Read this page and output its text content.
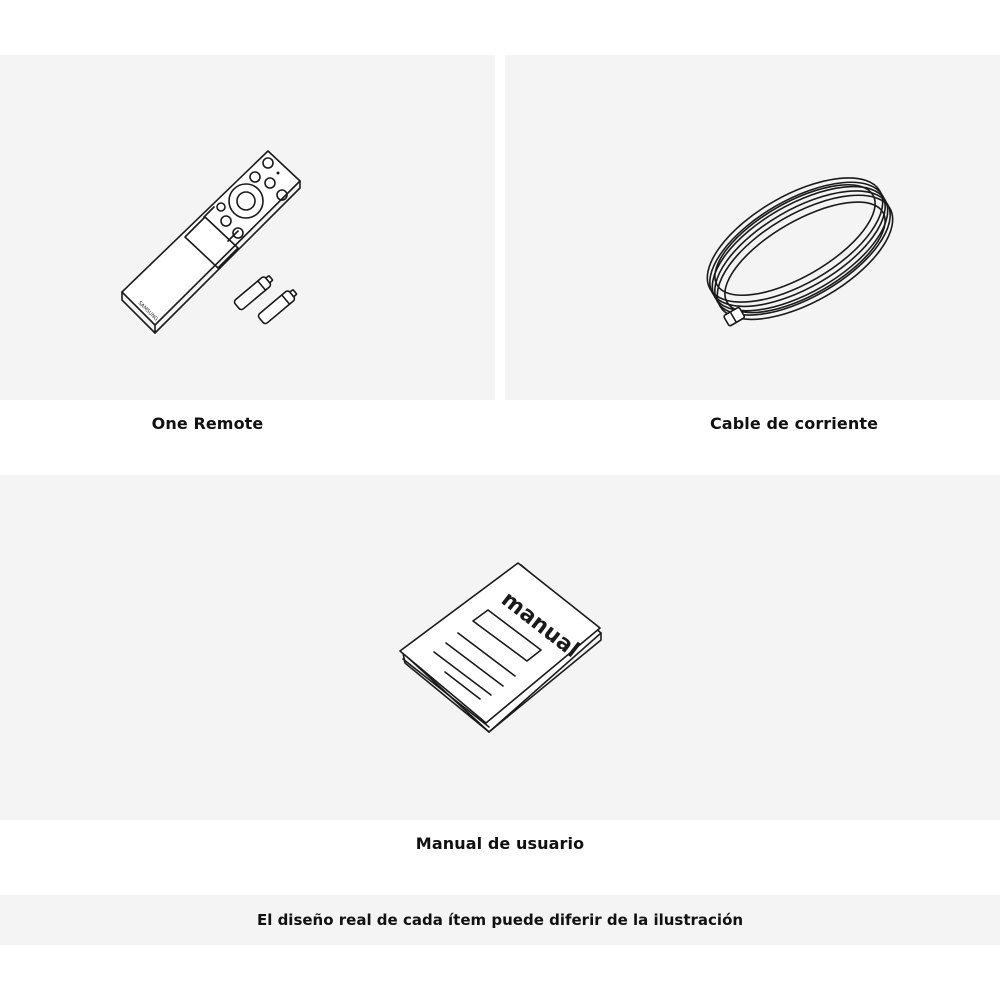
SAMSUNG
One Remote	Cable de corriente
manual
Manual de usuario
El diseño real de cada ítem puede diferir de la ilustración
